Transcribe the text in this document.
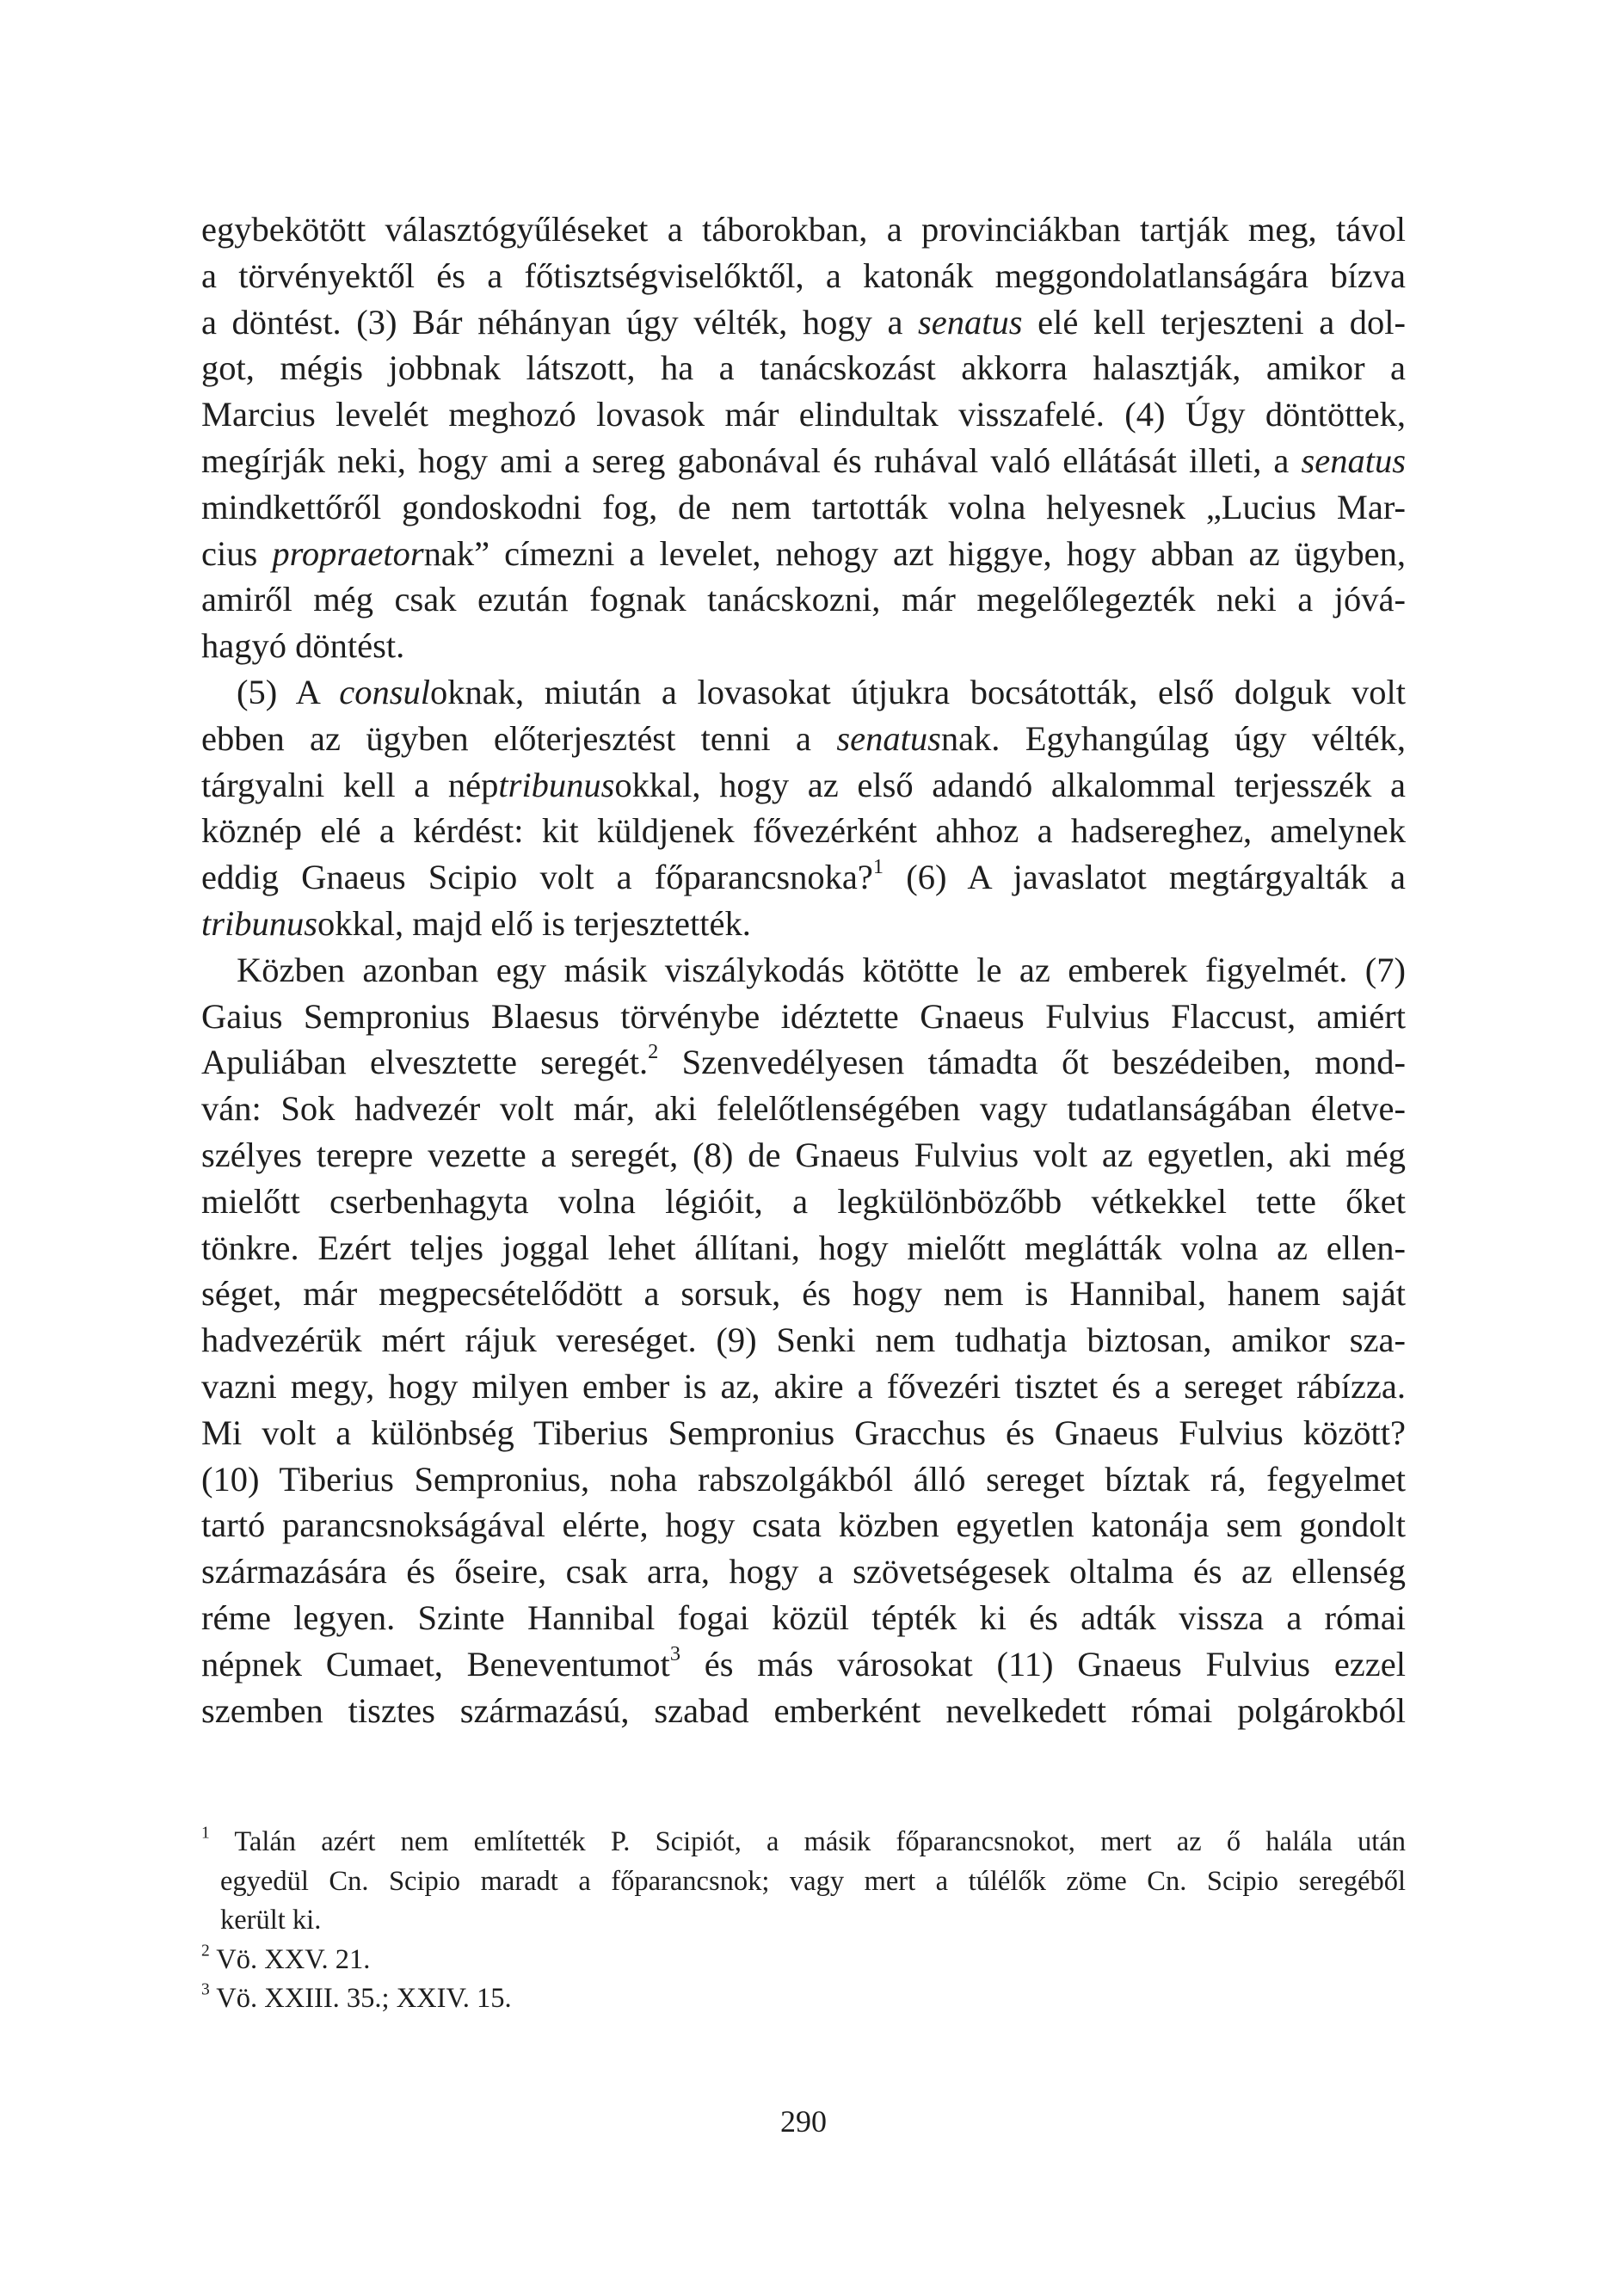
egybekötött választógyűléseket a táborokban, a provinciákban tartják meg, távol
a törvényektől és a főtisztségviselőktől, a katonák meggondolatlanságára bízva
a döntést. (3) Bár néhányan úgy vélték, hogy a senatus elé kell terjeszteni a dol-
got, mégis jobbnak látszott, ha a tanácskozást akkorra halasztják, amikor a
Marcius levelét meghozó lovasok már elindultak visszafelé. (4) Úgy döntöttek,
megírják neki, hogy ami a sereg gabonával és ruhával való ellátását illeti, a senatus
mindkettőről gondoskodni fog, de nem tartották volna helyesnek „Lucius Mar-
cius propraetornak” címezni a levelet, nehogy azt higgye, hogy abban az ügyben,
amiről még csak ezután fognak tanácskozni, már megelőlegezték neki a jóvá-
hagyó döntést.
(5) A consuloknak, miután a lovasokat útjukra bocsátották, első dolguk volt
ebben az ügyben előterjesztést tenni a senatusnak. Egyhangúlag úgy vélték,
tárgyalni kell a néptribunusokkal, hogy az első adandó alkalommal terjesszék a
köznép elé a kérdést: kit küldjenek fővezérként ahhoz a hadsereghez, amelynek
eddig Gnaeus Scipio volt a főparancsnoka?$^1$ (6) A javaslatot megtárgyalták a
tribunusokkal, majd elő is terjesztették.
Közben azonban egy másik viszálykodás kötötte le az emberek figyelmét. (7)
Gaius Sempronius Blaesus törvénybe idéztette Gnaeus Fulvius Flaccust, amiért
Apuliában elvesztette seregét.$^2$ Szenvedélyesen támadta őt beszédeiben, mond-
ván: Sok hadvezér volt már, aki felelőtlenségében vagy tudatlanságában életve-
szélyes terepre vezette a seregét, (8) de Gnaeus Fulvius volt az egyetlen, aki még
mielőtt cserbenhagyta volna légióit, a legkülönbözőbb vétkekkel tette őket
tönkre. Ezért teljes joggal lehet állítani, hogy mielőtt meglátták volna az ellen-
séget, már megpecsételődött a sorsuk, és hogy nem is Hannibal, hanem saját
hadvezérük mért rájuk vereséget. (9) Senki nem tudhatja biztosan, amikor sza-
vazni megy, hogy milyen ember is az, akire a fővezéri tisztet és a sereget rábízza.
Mi volt a különbség Tiberius Sempronius Gracchus és Gnaeus Fulvius között?
(10) Tiberius Sempronius, noha rabszolgákból álló sereget bíztak rá, fegyelmet
tartó parancsnokságával elérte, hogy csata közben egyetlen katonája sem gondolt
származására és őseire, csak arra, hogy a szövetségesek oltalma és az ellenség
réme legyen. Szinte Hannibal fogai közül tépték ki és adták vissza a római
népnek Cumaet, Beneventumot$^3$ és más városokat (11) Gnaeus Fulvius ezzel
szemben tisztes származású, szabad emberként nevelkedett római polgárokból
$^1$ Talán azért nem említették P. Scipiót, a másik főparancsnokot, mert az ő halála után
egyedül Cn. Scipio maradt a főparancsnok; vagy mert a túlélők zöme Cn. Scipio seregéből
került ki.
$^2$ Vö. XXV. 21.
$^3$ Vö. XXIII. 35.; XXIV. 15.
290
